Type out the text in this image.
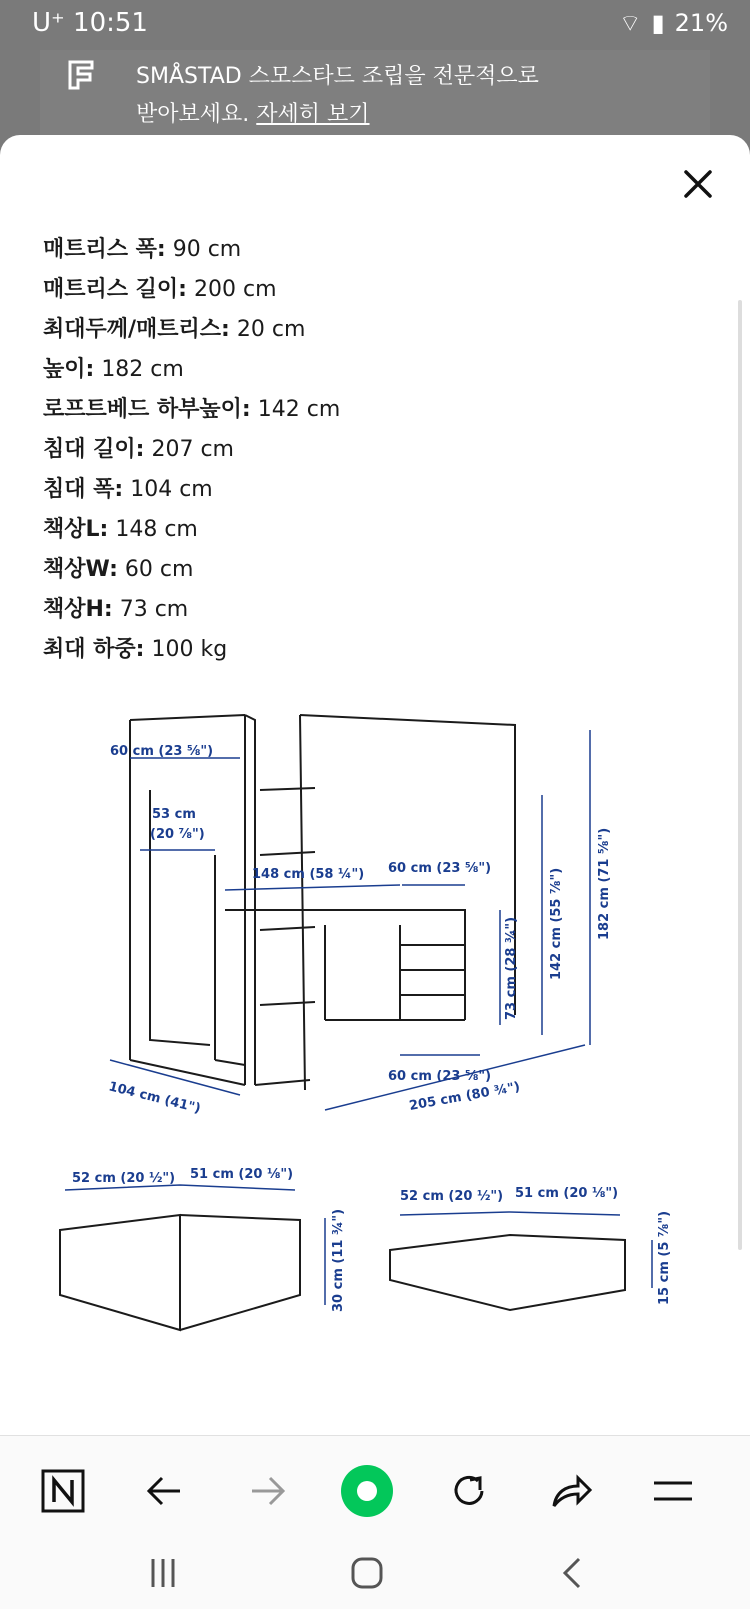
U⁺ 10:51	⌔ ▮ 21%
SMÅSTAD 스모스타드 조립을 전문적으로
받아보세요. 자세히 보기
매트리스 폭: 90 cm
매트리스 길이: 200 cm
최대두께/매트리스: 20 cm
높이: 182 cm
로프트베드 하부높이: 142 cm
침대 길이: 207 cm
침대 폭: 104 cm
책상L: 148 cm
책상W: 60 cm
책상H: 73 cm
최대 하중: 100 kg
60 cm (23 ⅝")
53 cm
(20 ⅞")
148 cm (58 ¼") 60 cm (23 ⅝")
73 cm (28 ¾") 142 cm (55 ⅞")	182 cm (71 ⅝")
60 cm (23 ⅝")
104 cm (41")	205 cm (80 ¾")
52 cm (20 ½") 51 cm (20 ⅛")
30 cm (11 ¾")
52 cm (20 ½") 51 cm (20 ⅛")
15 cm (5 ⅞")
